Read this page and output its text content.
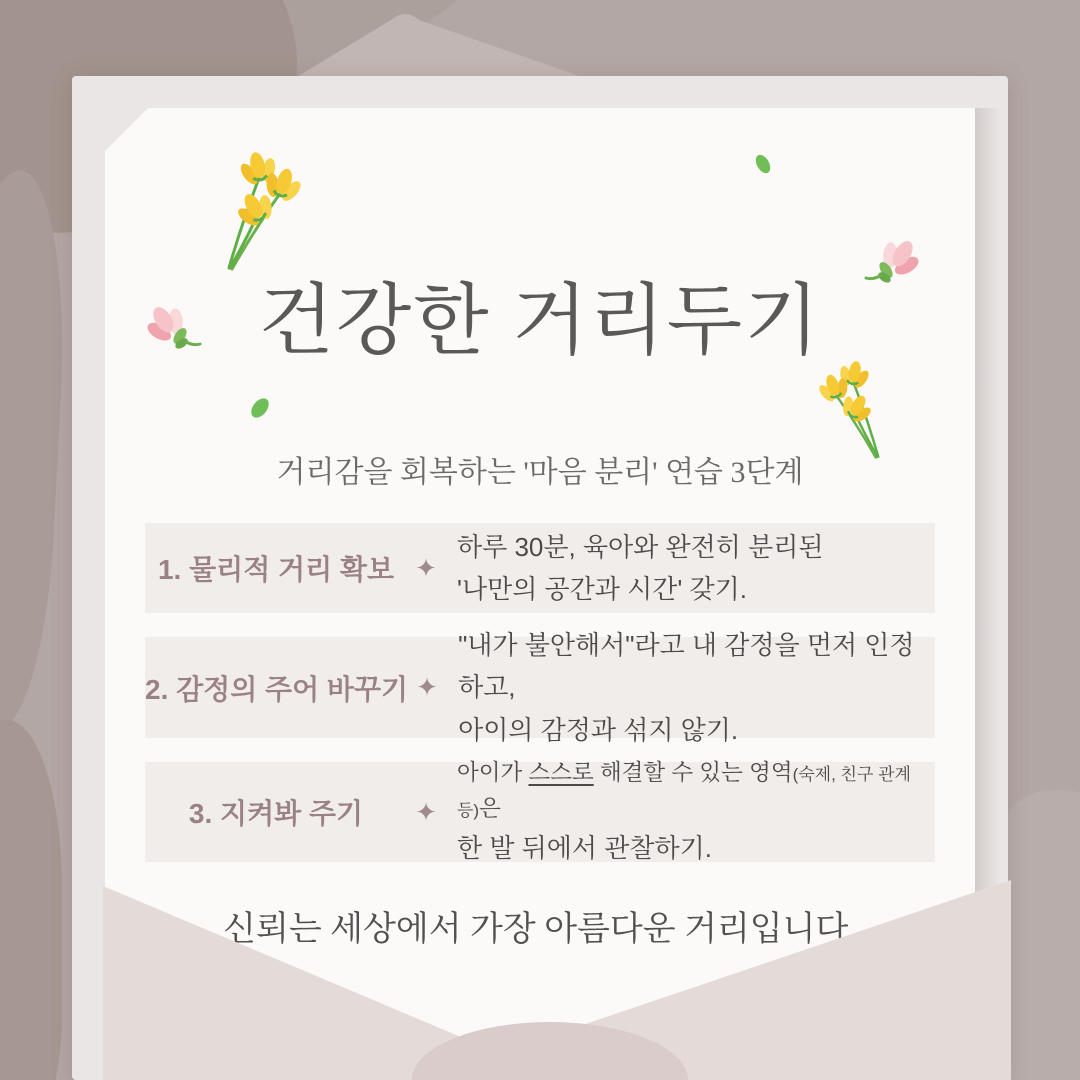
건강한 거리두기
거리감을 회복하는 '마음 분리' 연습 3단계
1. 물리적 거리 확보 ✦
하루 30분, 육아와 완전히 분리된
'나만의 공간과 시간' 갖기.
2. 감정의 주어 바꾸기 ✦
"내가 불안해서"라고 내 감정을 먼저 인정하고,
아이의 감정과 섞지 않기.
3. 지켜봐 주기	✦
아이가 스스로 해결할 수 있는 영역(숙제, 친구 관계 등)은
한 발 뒤에서 관찰하기.
신뢰는 세상에서 가장 아름다운 거리입니다.
